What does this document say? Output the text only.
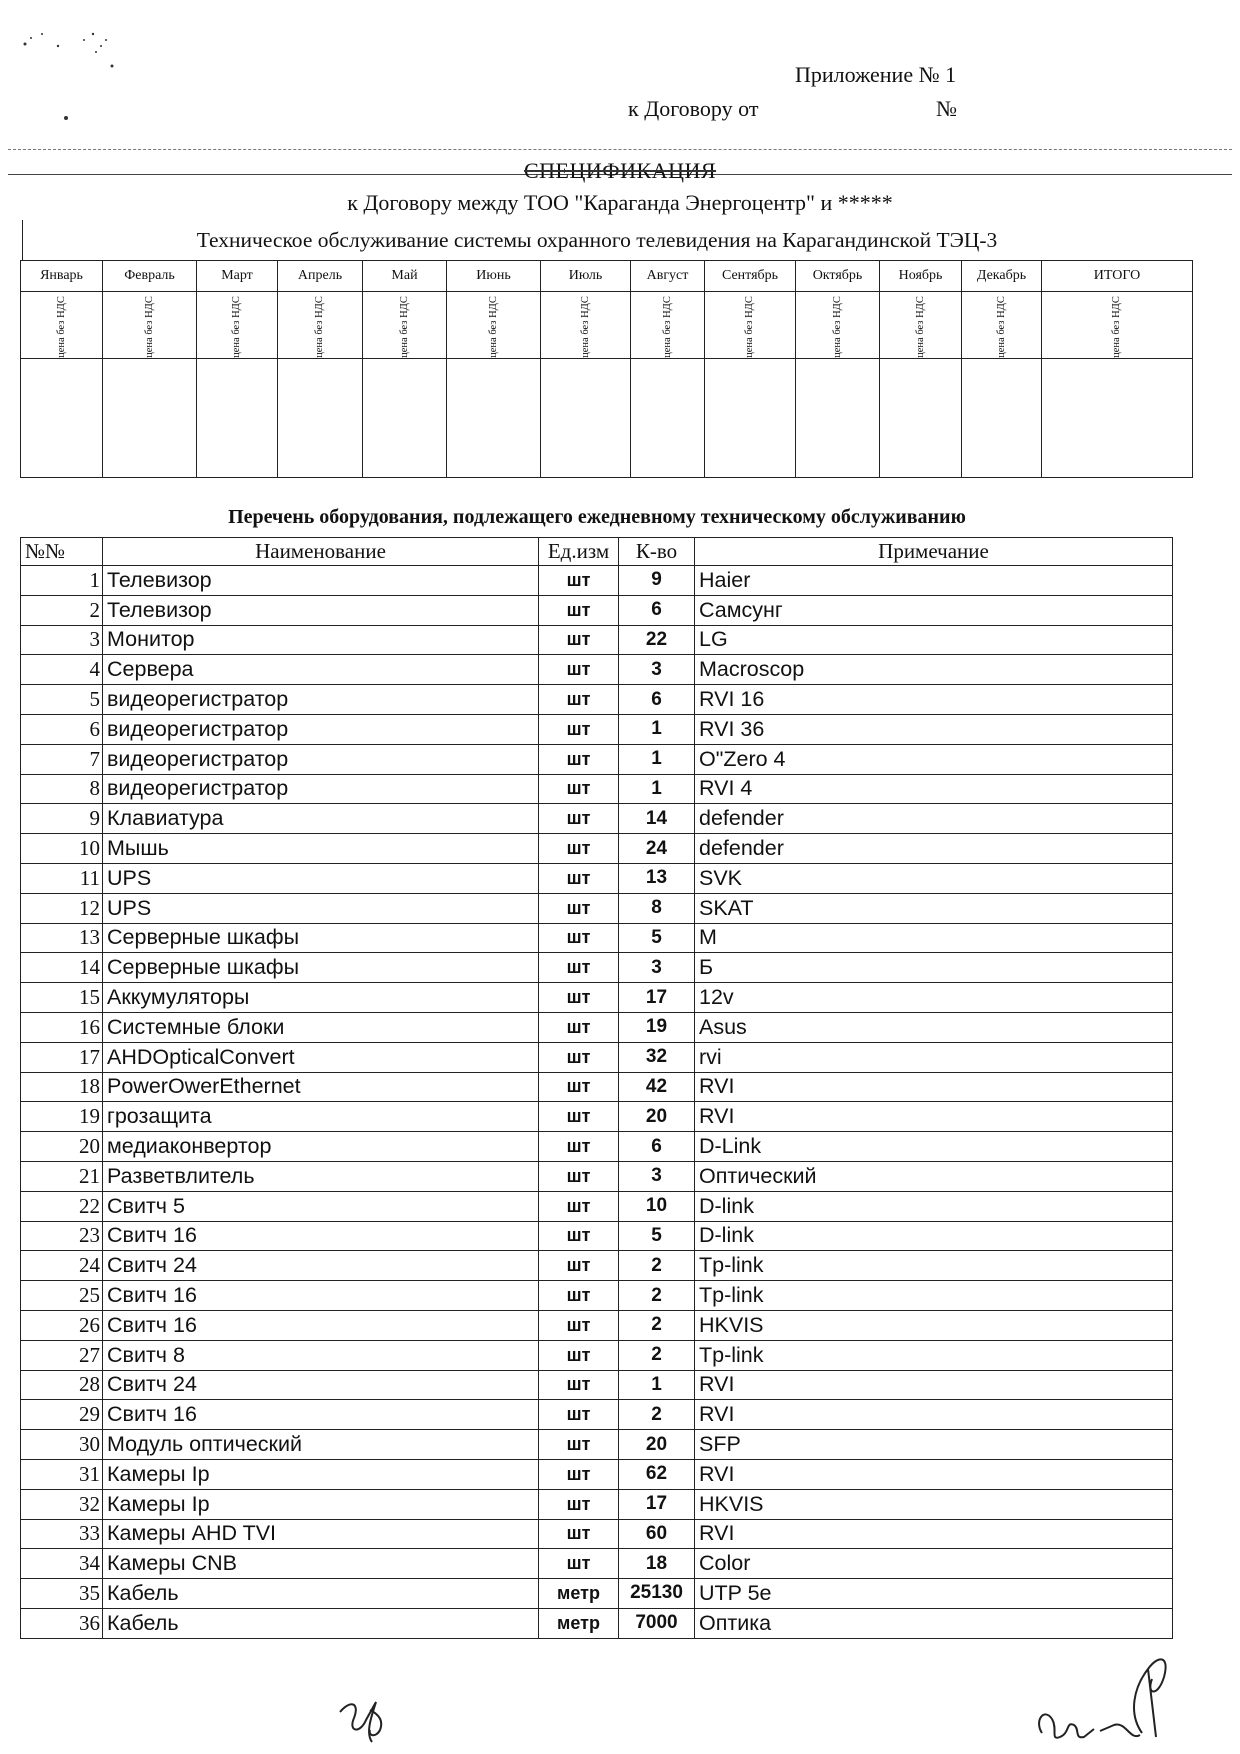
Приложение № 1
к Договору от	№
СПЕЦИФИКАЦИЯ
к Договору между ТОО "Караганда Энергоцентр" и *****
Техническое обслуживание системы охранного телевидения на Карагандинской ТЭЦ-3
Январь	Февраль	Март	Апрель	Май	Июнь	Июль	Август	Сентябрь	Октябрь	Ноябрь	Декабрь	ИТОГО
цена без НДС	цена без НДС	цена без НДС	цена без НДС	цена без НДС	цена без НДС	цена без НДС	цена без НДС	цена без НДС	цена без НДС	цена без НДС	цена без НДС	цена без НДС

Перечень оборудования, подлежащего ежедневному техническому обслуживанию
№№	Наименование	Ед.изм	К-во	Примечание
1	Телевизор	шт	9	Haier
2	Телевизор	шт	6	Самсунг
3	Монитор	шт	22	LG
4	Сервера	шт	3	Macroscop
5	видеорегистратор	шт	6	RVI 16
6	видеорегистратор	шт	1	RVI 36
7	видеорегистратор	шт	1	O"Zero 4
8	видеорегистратор	шт	1	RVI 4
9	Клавиатура	шт	14	defender
10	Мышь	шт	24	defender
11	UPS	шт	13	SVK
12	UPS	шт	8	SKAT
13	Серверные шкафы	шт	5	М
14	Серверные шкафы	шт	3	Б
15	Аккумуляторы	шт	17	12v
16	Системные блоки	шт	19	Asus
17	AHDOpticalConvert	шт	32	rvi
18	PowerOwerEthernet	шт	42	RVI
19	грозащита	шт	20	RVI
20	медиаконвертор	шт	6	D-Link
21	Разветвлитель	шт	3	Оптический
22	Свитч 5	шт	10	D-link
23	Свитч 16	шт	5	D-link
24	Свитч 24	шт	2	Tp-link
25	Свитч 16	шт	2	Tp-link
26	Свитч 16	шт	2	HKVIS
27	Свитч 8	шт	2	Tp-link
28	Свитч 24	шт	1	RVI
29	Свитч 16	шт	2	RVI
30	Модуль оптический	шт	20	SFP
31	Камеры Ip	шт	62	RVI
32	Камеры Ip	шт	17	HKVIS
33	Камеры AHD TVI	шт	60	RVI
34	Камеры CNB	шт	18	Color
35	Кабель	метр	25130	UTP 5e
36	Кабель	метр	7000	Оптика
